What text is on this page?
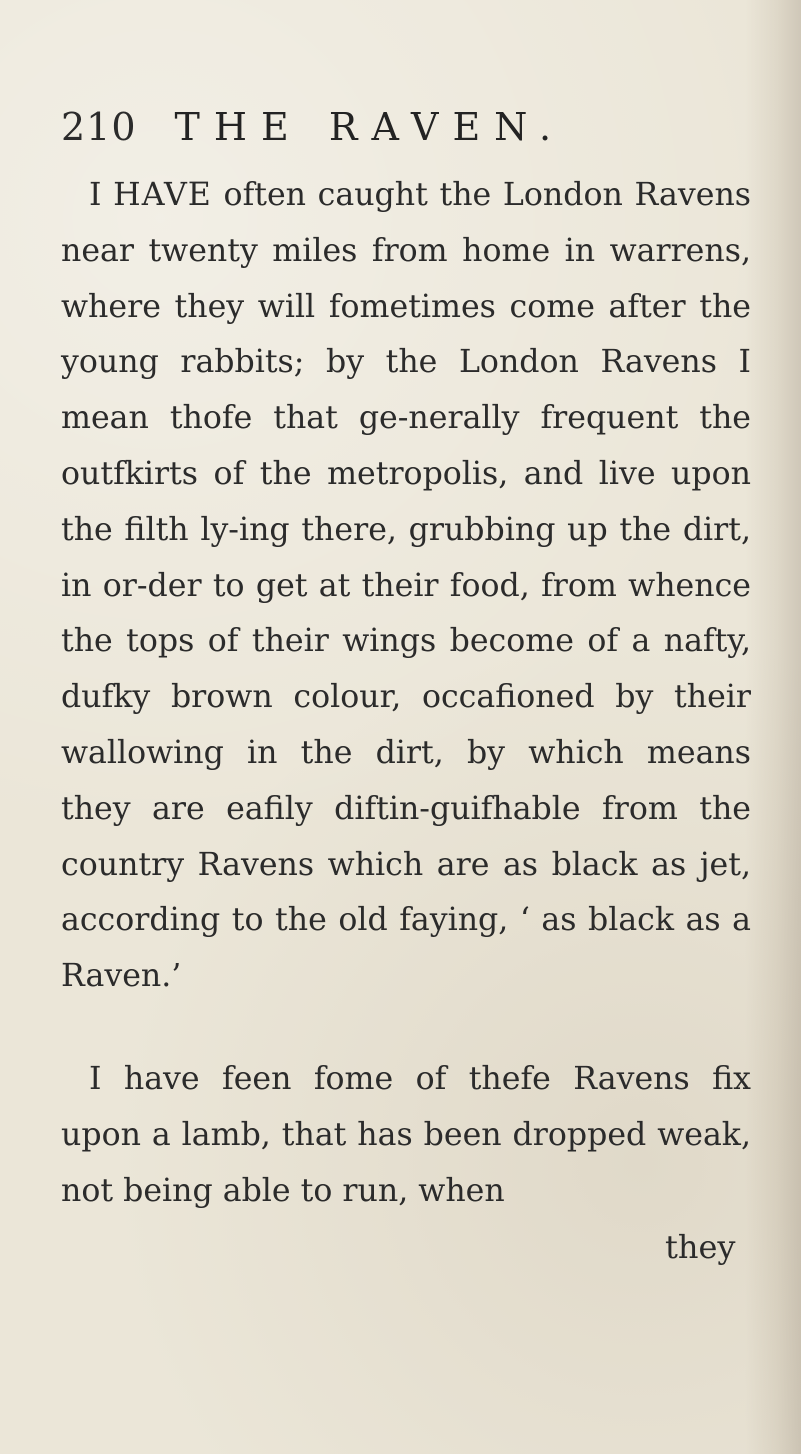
210 THE RAVEN.

I HAVE often caught the London Ravens near twenty miles from home in warrens, where they will fometimes come after the young rabbits; by the London Ravens I mean thofe that ge-nerally frequent the outfkirts of the metropolis, and live upon the filth ly-ing there, grubbing up the dirt, in or-der to get at their food, from whence the tops of their wings become of a nafty, dufky brown colour, occafioned by their wallowing in the dirt, by which means they are eafily diftin-guifhable from the country Ravens which are as black as jet, according to the old faying, ‘ as black as a Raven.’

I have feen fome of thefe Ravens fix upon a lamb, that has been dropped weak, not being able to run, when

they
